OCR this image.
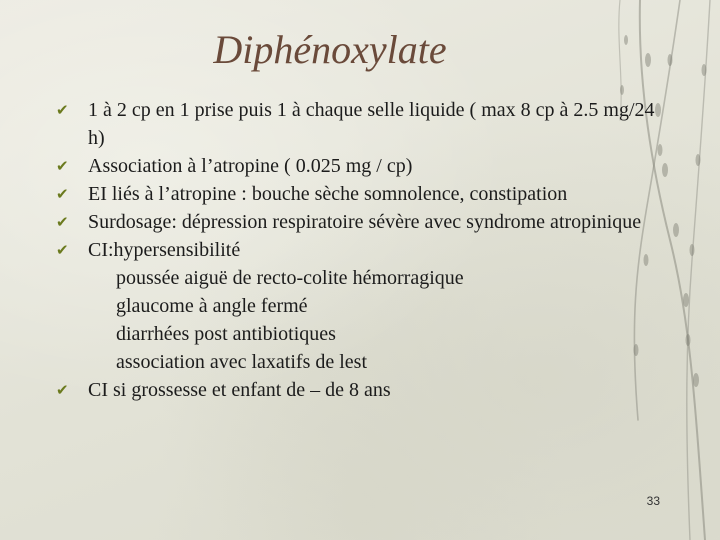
Diphénoxylate
✔ 1 à 2 cp en 1 prise puis 1 à chaque selle liquide ( max 8 cp à 2.5 mg/24 h)
✔ Association à l’atropine ( 0.025 mg / cp)
✔ EI liés à l’atropine : bouche sèche somnolence, constipation
✔ Surdosage: dépression respiratoire sévère avec syndrome atropinique
✔ CI:hypersensibilité
poussée aiguë de recto-colite hémorragique
glaucome à angle fermé
diarrhées post antibiotiques
association avec laxatifs de lest
✔ CI si grossesse et enfant de – de 8 ans
33
